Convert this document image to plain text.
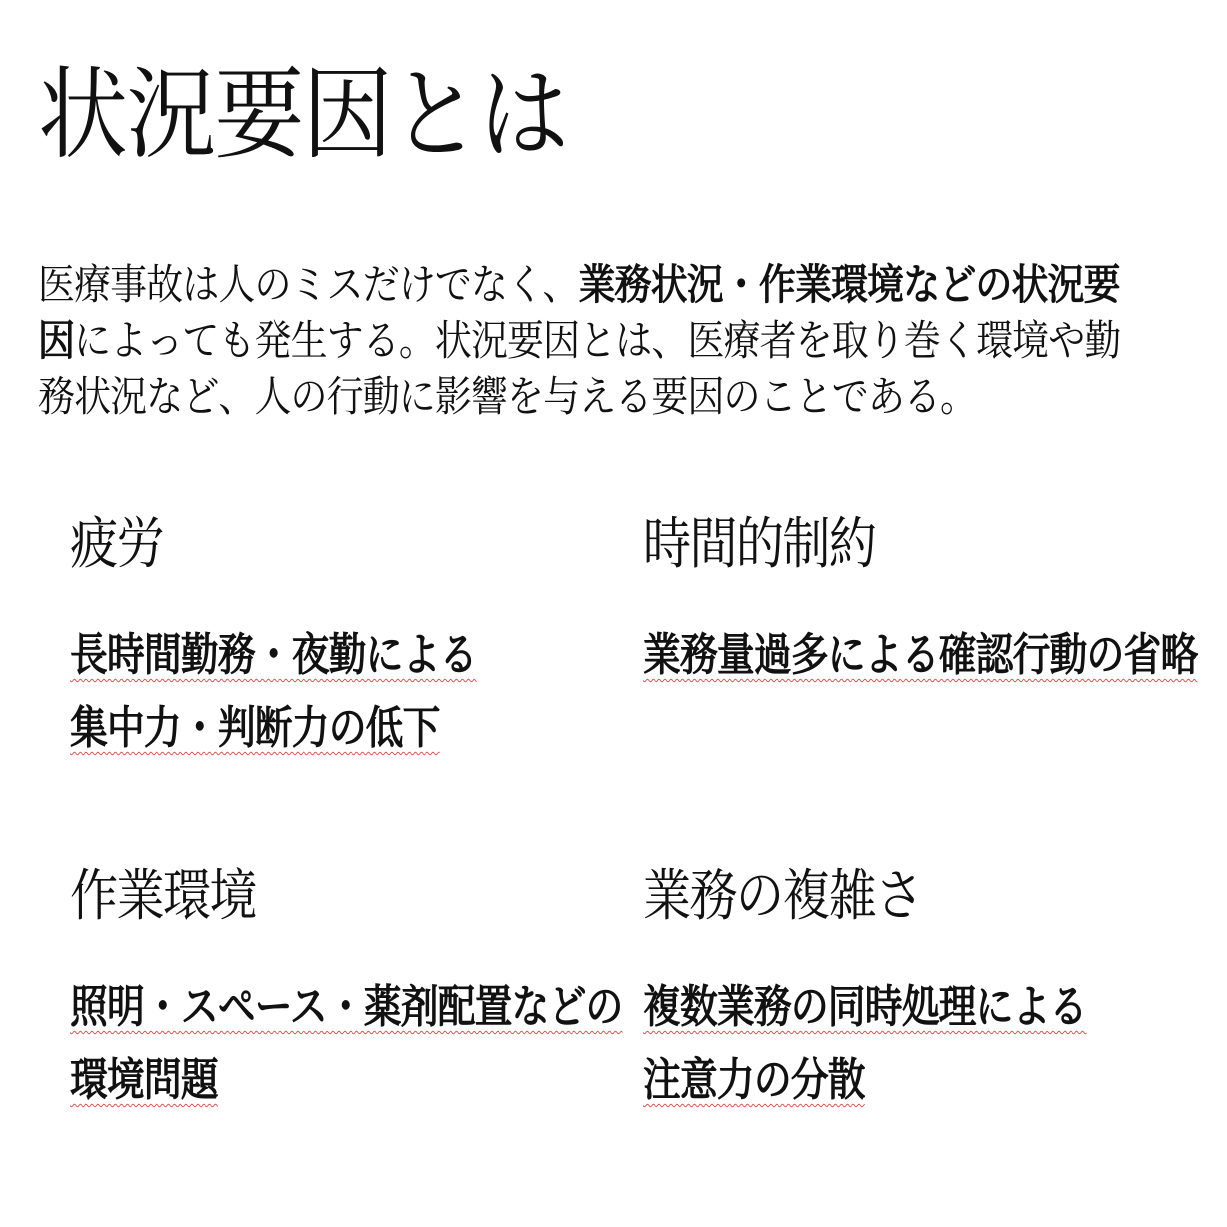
状況要因とは

医療事故は人のミスだけでなく、業務状況・作業環境などの状況要因によっても発生する。状況要因とは、医療者を取り巻く環境や勤務状況など、人の行動に影響を与える要因のことである。

疲労
長時間勤務・夜勤による
集中力・判断力の低下
時間的制約
業務量過多による確認行動の省略
作業環境
照明・スペース・薬剤配置などの
環境問題
業務の複雑さ
複数業務の同時処理による
注意力の分散
